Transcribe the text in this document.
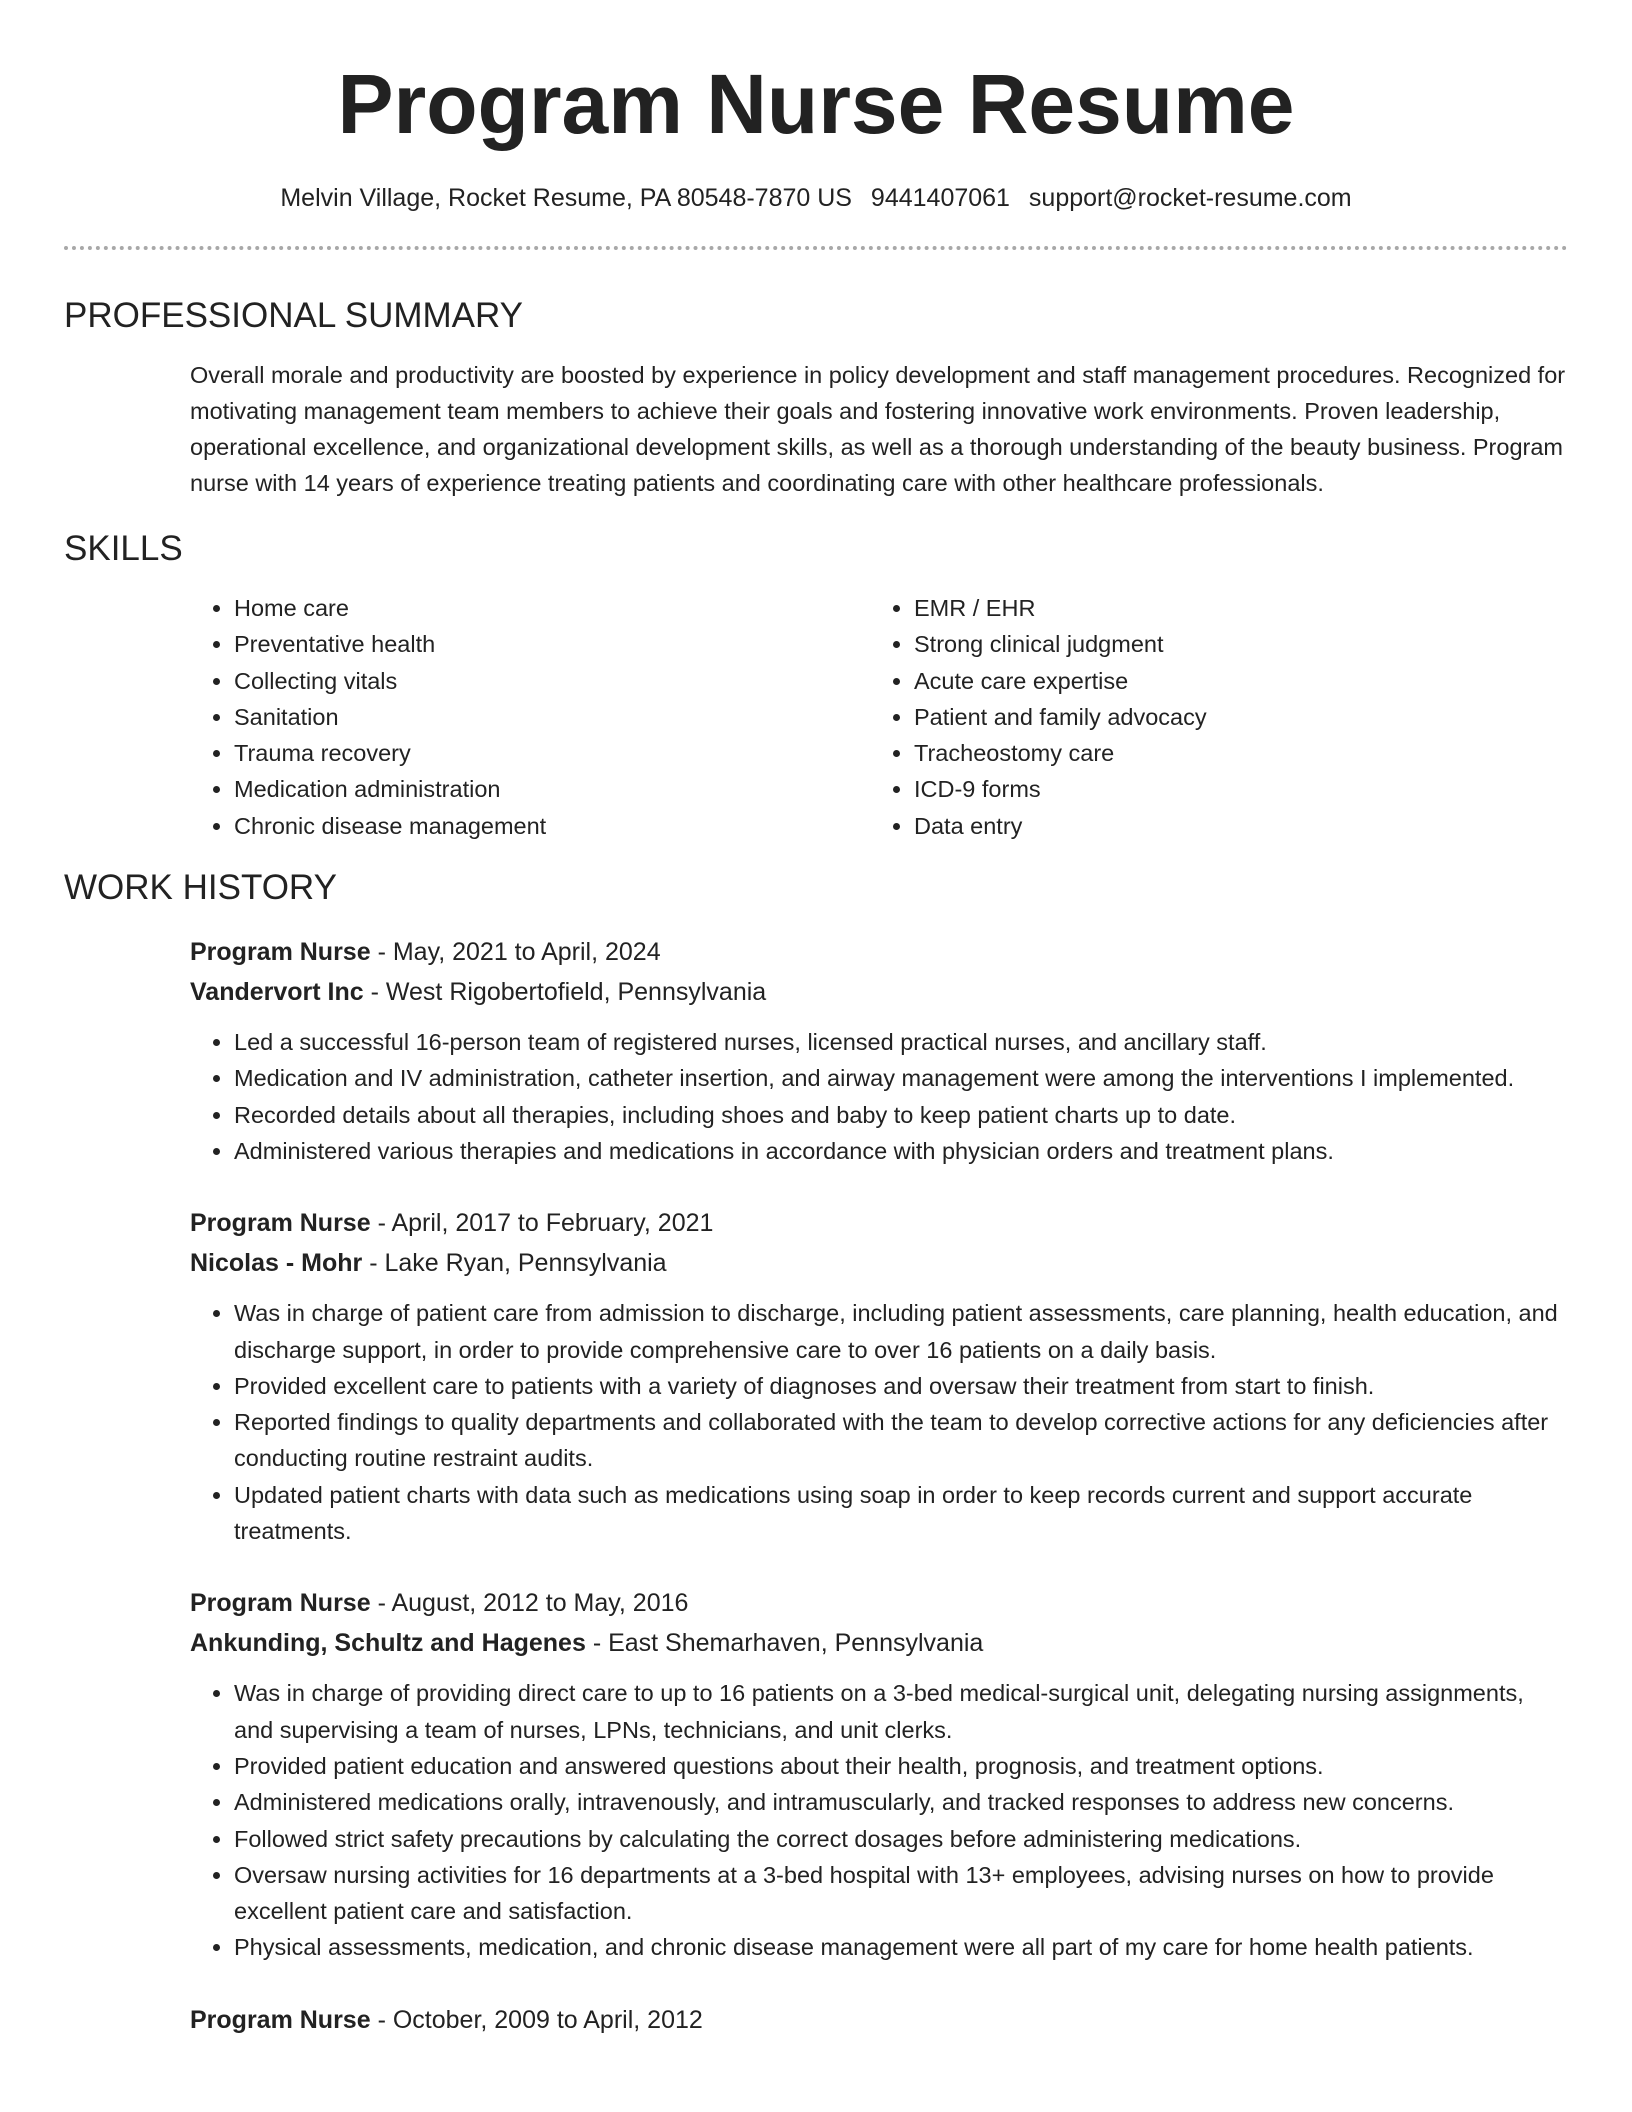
Program Nurse Resume
Melvin Village, Rocket Resume, PA 80548-7870 US 9441407061 support@rocket-resume.com
PROFESSIONAL SUMMARY

Overall morale and productivity are boosted by experience in policy development and staff management procedures. Recognized for motivating management team members to achieve their goals and fostering innovative work environments. Proven leadership, operational excellence, and organizational development skills, as well as a thorough understanding of the beauty business. Program nurse with 14 years of experience treating patients and coordinating care with other healthcare professionals.

SKILLS
• Home care
• Preventative health
• Collecting vitals
• Sanitation
• Trauma recovery
• Medication administration
• Chronic disease management
• EMR / EHR
• Strong clinical judgment
• Acute care expertise
• Patient and family advocacy
• Tracheostomy care
• ICD-9 forms
• Data entry
WORK HISTORY
Program Nurse - May, 2021 to April, 2024
Vandervort Inc - West Rigobertofield, Pennsylvania
• Led a successful 16-person team of registered nurses, licensed practical nurses, and ancillary staff.
• Medication and IV administration, catheter insertion, and airway management were among the interventions I implemented.
• Recorded details about all therapies, including shoes and baby to keep patient charts up to date.
• Administered various therapies and medications in accordance with physician orders and treatment plans.
Program Nurse - April, 2017 to February, 2021
Nicolas - Mohr - Lake Ryan, Pennsylvania
• Was in charge of patient care from admission to discharge, including patient assessments, care planning, health education, and discharge support, in order to provide comprehensive care to over 16 patients on a daily basis.
• Provided excellent care to patients with a variety of diagnoses and oversaw their treatment from start to finish.
• Reported findings to quality departments and collaborated with the team to develop corrective actions for any deficiencies after conducting routine restraint audits.
• Updated patient charts with data such as medications using soap in order to keep records current and support accurate treatments.
Program Nurse - August, 2012 to May, 2016
Ankunding, Schultz and Hagenes - East Shemarhaven, Pennsylvania
• Was in charge of providing direct care to up to 16 patients on a 3-bed medical-surgical unit, delegating nursing assignments, and supervising a team of nurses, LPNs, technicians, and unit clerks.
• Provided patient education and answered questions about their health, prognosis, and treatment options.
• Administered medications orally, intravenously, and intramuscularly, and tracked responses to address new concerns.
• Followed strict safety precautions by calculating the correct dosages before administering medications.
• Oversaw nursing activities for 16 departments at a 3-bed hospital with 13+ employees, advising nurses on how to provide excellent patient care and satisfaction.
• Physical assessments, medication, and chronic disease management were all part of my care for home health patients.
Program Nurse - October, 2009 to April, 2012
